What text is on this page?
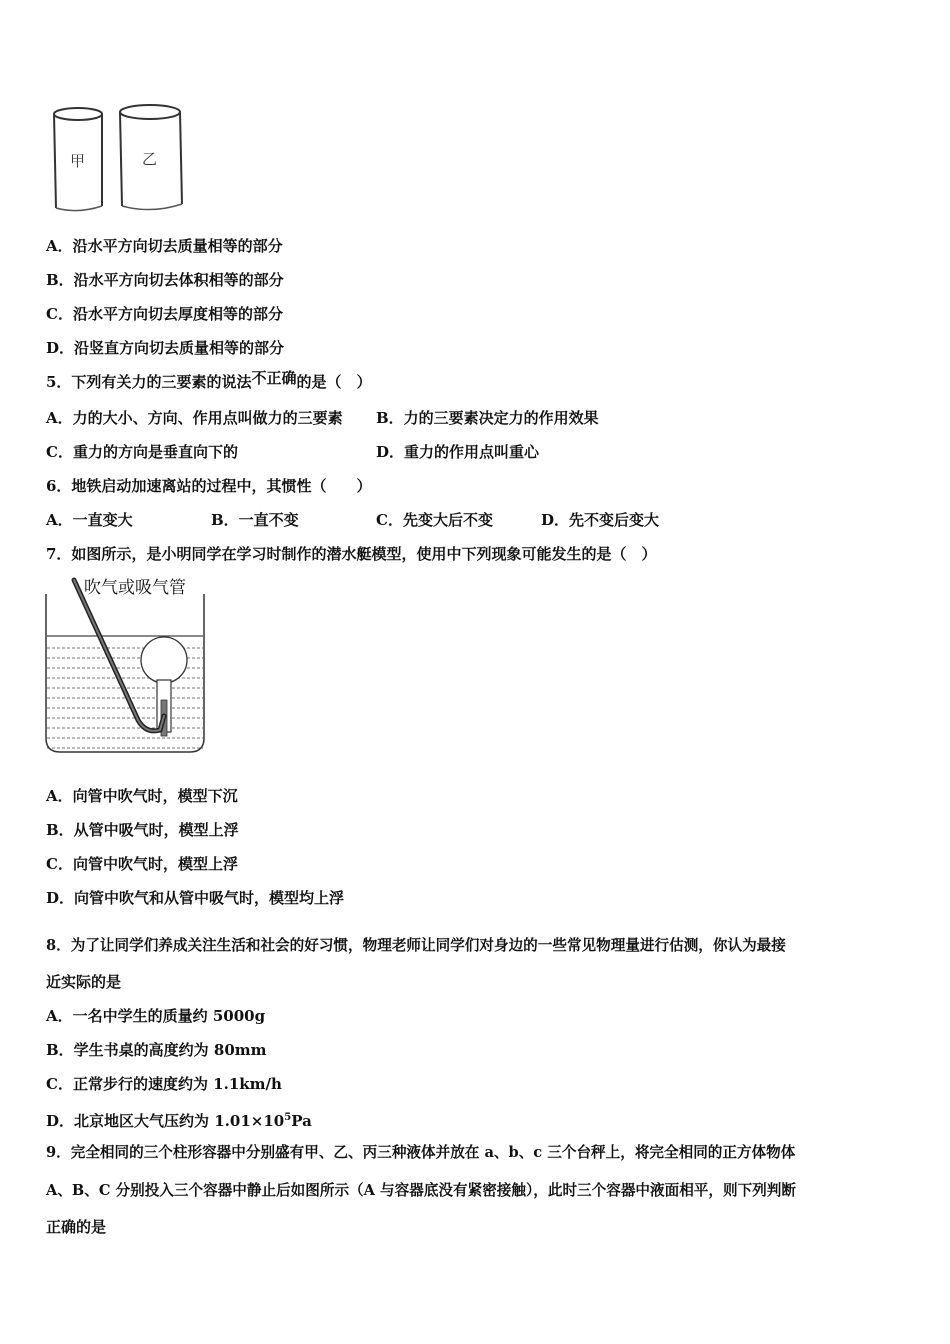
甲	乙
A．沿水平方向切去质量相等的部分
B．沿水平方向切去体积相等的部分
C．沿水平方向切去厚度相等的部分
D．沿竖直方向切去质量相等的部分
5．下列有关力的三要素的说法不正确的是（　）
A．力的大小、方向、作用点叫做力的三要素 B．力的三要素决定力的作用效果
C．重力的方向是垂直向下的	D．重力的作用点叫重心
6．地铁启动加速离站的过程中，其惯性（　　）
A．一直变大	B．一直不变	C．先变大后不变	D．先不变后变大
7．如图所示，是小明同学在学习时制作的潜水艇模型，使用中下列现象可能发生的是（　）
吹气或吸气管
A．向管中吹气时，模型下沉
B．从管中吸气时，模型上浮
C．向管中吹气时，模型上浮
D．向管中吹气和从管中吸气时，模型均上浮
8．为了让同学们养成关注生活和社会的好习惯，物理老师让同学们对身边的一些常见物理量进行估测，你认为最接
近实际的是
A．一名中学生的质量约 5000g
B．学生书桌的高度约为 80mm
C．正常步行的速度约为 1.1km/h
D．北京地区大气压约为 $1.01\times 10^5Pa$
9．完全相同的三个柱形容器中分别盛有甲、乙、丙三种液体并放在 a、b、c 三个台秤上，将完全相同的正方体物体
A、B、C 分别投入三个容器中静止后如图所示（A 与容器底没有紧密接触），此时三个容器中液面相平，则下列判断
正确的是
